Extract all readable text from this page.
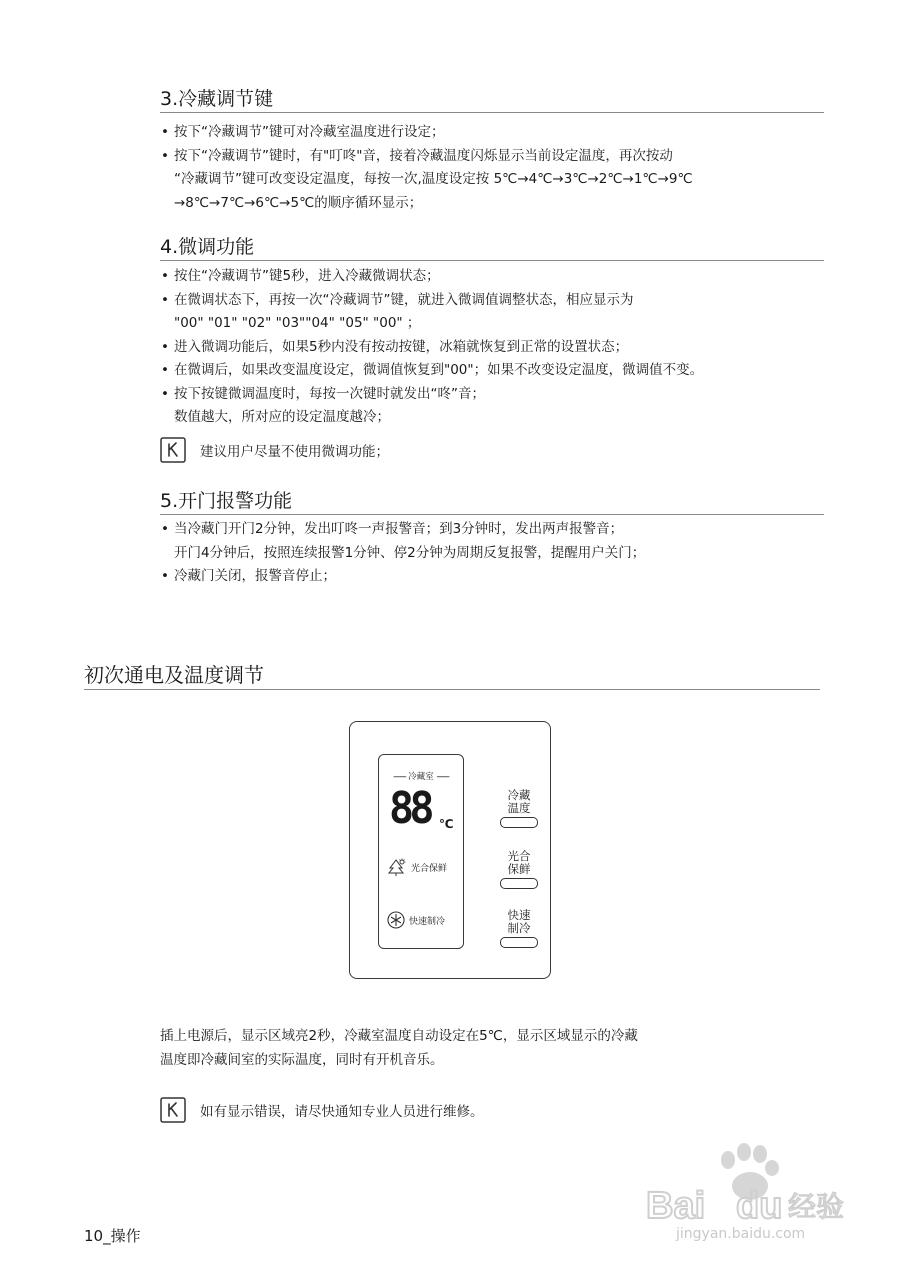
3.冷藏调节键
• 按下“冷藏调节”键可对冷藏室温度进行设定；
• 按下“冷藏调节”键时，有"叮咚"音，接着冷藏温度闪烁显示当前设定温度，再次按动
“冷藏调节”键可改变设定温度，每按一次,温度设定按 5℃→4℃→3℃→2℃→1℃→9℃
→8℃→7℃→6℃→5℃的顺序循环显示；
4.微调功能
• 按住“冷藏调节”键5秒，进入冷藏微调状态；
• 在微调状态下，再按一次“冷藏调节”键，就进入微调值调整状态，相应显示为
"00" "01" "02" "03""04" "05" "00" ；
• 进入微调功能后，如果5秒内没有按动按键，冰箱就恢复到正常的设置状态；
• 在微调后，如果改变温度设定，微调值恢复到"00"；如果不改变设定温度，微调值不变。
• 按下按键微调温度时，每按一次键时就发出“咚”音；
数值越大，所对应的设定温度越冷；
建议用户尽量不使用微调功能；
5.开门报警功能
• 当冷藏门开门2分钟，发出叮咚一声报警音；到3分钟时，发出两声报警音；
开门4分钟后，按照连续报警1分钟、停2分钟为周期反复报警，提醒用户关门；
• 冷藏门关闭，报警音停止；
初次通电及温度调节
------ 冷藏室 ------
88 ℃
光合保鲜
快速制冷
冷藏
温度
光合
保鲜
快速
制冷
插上电源后，显示区域亮2秒，冷藏室温度自动设定在5℃，显示区域显示的冷藏
温度即冷藏间室的实际温度，同时有开机音乐。
如有显示错误，请尽快通知专业人员进行维修。
10_操作
Bai du 经验
jingyan.baidu.com
